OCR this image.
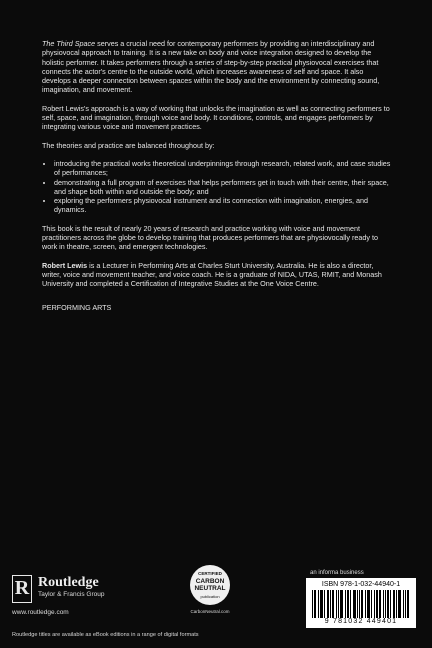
The Third Space serves a crucial need for contemporary performers by providing an interdisciplinary and physiovocal approach to training. It is a new take on body and voice integration designed to develop the holistic performer. It takes performers through a series of step-by-step practical physiovocal exercises that connects the actor's centre to the outside world, which increases awareness of self and space. It also develops a deeper connection between spaces within the body and the environment by connecting sound, imagination, and movement.

Robert Lewis's approach is a way of working that unlocks the imagination as well as connecting performers to self, space, and imagination, through voice and body. It conditions, controls, and engages performers by integrating various voice and movement practices.

The theories and practice are balanced throughout by:

• introducing the practical works theoretical underpinnings through research, related work, and case studies of performances;
• demonstrating a full program of exercises that helps performers get in touch with their centre, their space, and shape both within and outside the body; and
• exploring the performers physiovocal instrument and its connection with imagination, energies, and dynamics.

This book is the result of nearly 20 years of research and practice working with voice and movement practitioners across the globe to develop training that produces performers that are physiovocally ready to work in theatre, screen, and emergent technologies.

Robert Lewis is a Lecturer in Performing Arts at Charles Sturt University, Australia. He is also a director, writer, voice and movement teacher, and voice coach. He is a graduate of NIDA, UTAS, RMIT, and Monash University and completed a Certification of Integrative Studies at the One Voice Centre.

PERFORMING ARTS

R Routledge
Taylor & Francis Group
www.routledge.com
CERTIFIED
CARBON
NEUTRAL
publication
CarbonNeutral.com
an informa business
ISBN 978-1-032-44940-1
9 781032 449401
Routledge titles are available as eBook editions in a range of digital formats
